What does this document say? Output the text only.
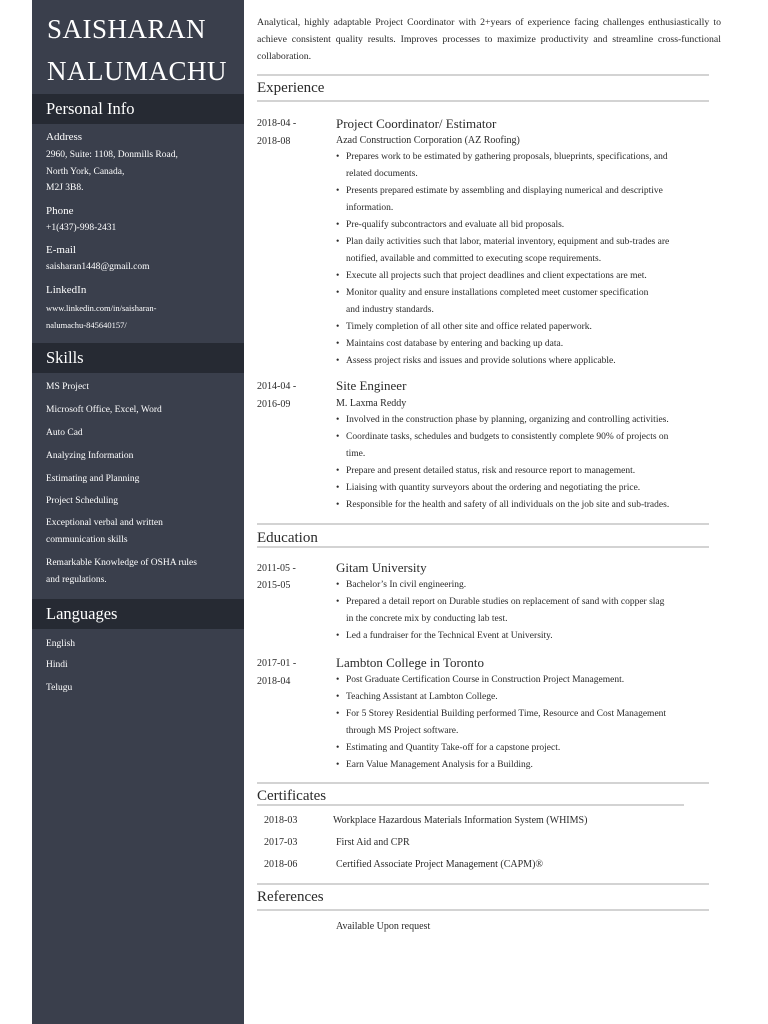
SAISHARAN
NALUMACHU
Personal Info
Address
2960, Suite: 1108, Donmills Road,
North York, Canada,
M2J 3B8.
Phone
+1(437)-998-2431
E-mail
saisharan1448@gmail.com
LinkedIn
www.linkedin.com/in/saisharan-
nalumachu-845640157/
Skills
MS Project
Microsoft Office, Excel, Word
Auto Cad
Analyzing Information
Estimating and Planning
Project Scheduling
Exceptional verbal and written
communication skills
Remarkable Knowledge of OSHA rules
and regulations.
Languages
English
Hindi
Telugu
Analytical, highly adaptable Project Coordinator with 2+years of experience facing challenges enthusiastically to achieve consistent quality results. Improves processes to maximize productivity and streamline cross-functional collaboration.
Experience
2018-04 -
2018-08
Project Coordinator/ Estimator
Azad Construction Corporation (AZ Roofing)
• Prepares work to be estimated by gathering proposals, blueprints, specifications, and
related documents.
• Presents prepared estimate by assembling and displaying numerical and descriptive
information.
• Pre-qualify subcontractors and evaluate all bid proposals.
• Plan daily activities such that labor, material inventory, equipment and sub-trades are
notified, available and committed to executing scope requirements.
• Execute all projects such that project deadlines and client expectations are met.
• Monitor quality and ensure installations completed meet customer specification
and industry standards.
• Timely completion of all other site and office related paperwork.
• Maintains cost database by entering and backing up data.
• Assess project risks and issues and provide solutions where applicable.
2014-04 -
2016-09
Site Engineer
M. Laxma Reddy
• Involved in the construction phase by planning, organizing and controlling activities.
• Coordinate tasks, schedules and budgets to consistently complete 90% of projects on
time.
• Prepare and present detailed status, risk and resource report to management.
• Liaising with quantity surveyors about the ordering and negotiating the price.
• Responsible for the health and safety of all individuals on the job site and sub-trades.
Education
2011-05 -
2015-05
Gitam University
• Bachelor’s In civil engineering.
• Prepared a detail report on Durable studies on replacement of sand with copper slag
in the concrete mix by conducting lab test.
• Led a fundraiser for the Technical Event at University.
2017-01 -
2018-04
Lambton College in Toronto
• Post Graduate Certification Course in Construction Project Management.
• Teaching Assistant at Lambton College.
• For 5 Storey Residential Building performed Time, Resource and Cost Management
through MS Project software.
• Estimating and Quantity Take-off for a capstone project.
• Earn Value Management Analysis for a Building.
Certificates
2018-03	Workplace Hazardous Materials Information System (WHIMS)
2017-03	First Aid and CPR
2018-06	Certified Associate Project Management (CAPM)®
References
Available Upon request
